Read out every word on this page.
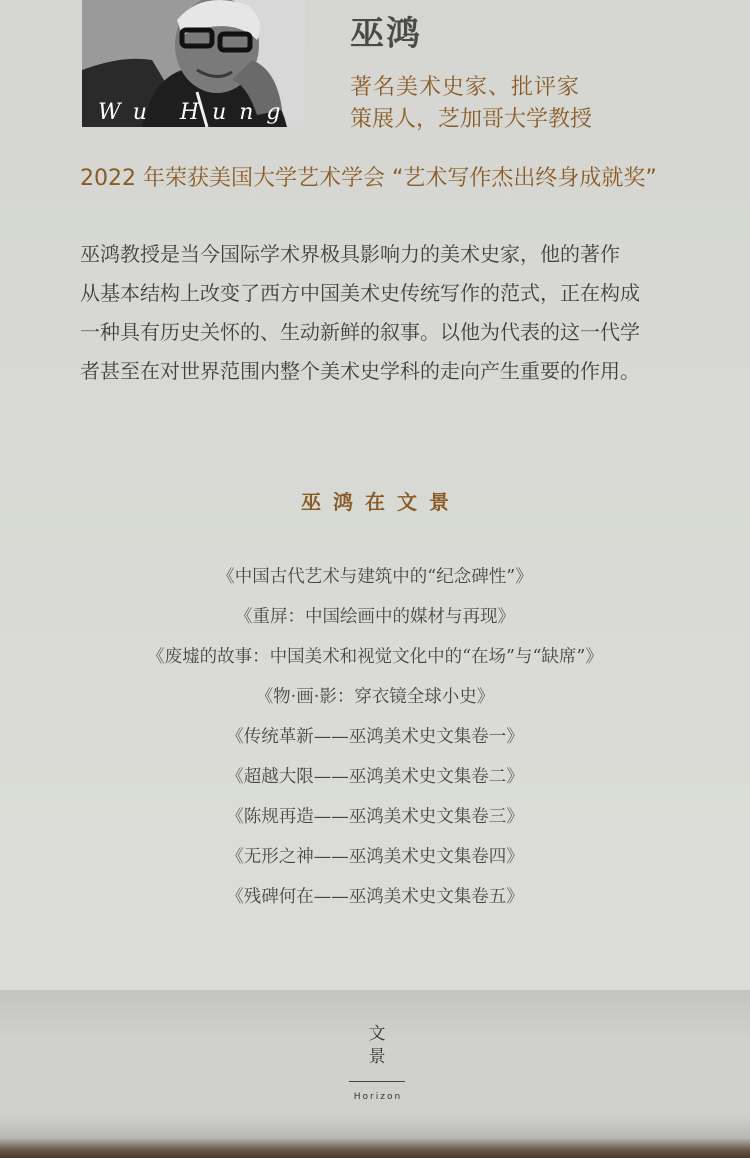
Wu Hung
巫鸿
著名美术史家、批评家
策展人，芝加哥大学教授
2022 年荣获美国大学艺术学会 “艺术写作杰出终身成就奖”
巫鸿教授是当今国际学术界极具影响力的美术史家，他的著作
从基本结构上改变了西方中国美术史传统写作的范式，正在构成
一种具有历史关怀的、生动新鲜的叙事。以他为代表的这一代学
者甚至在对世界范围内整个美术史学科的走向产生重要的作用。
巫鸿在文景
《中国古代艺术与建筑中的“纪念碑性”》
《重屏：中国绘画中的媒材与再现》
《废墟的故事：中国美术和视觉文化中的“在场”与“缺席”》
《物·画·影：穿衣镜全球小史》
《传统革新——巫鸿美术史文集卷一》
《超越大限——巫鸿美术史文集卷二》
《陈规再造——巫鸿美术史文集卷三》
《无形之神——巫鸿美术史文集卷四》
《残碑何在——巫鸿美术史文集卷五》
文
景
Horizon
